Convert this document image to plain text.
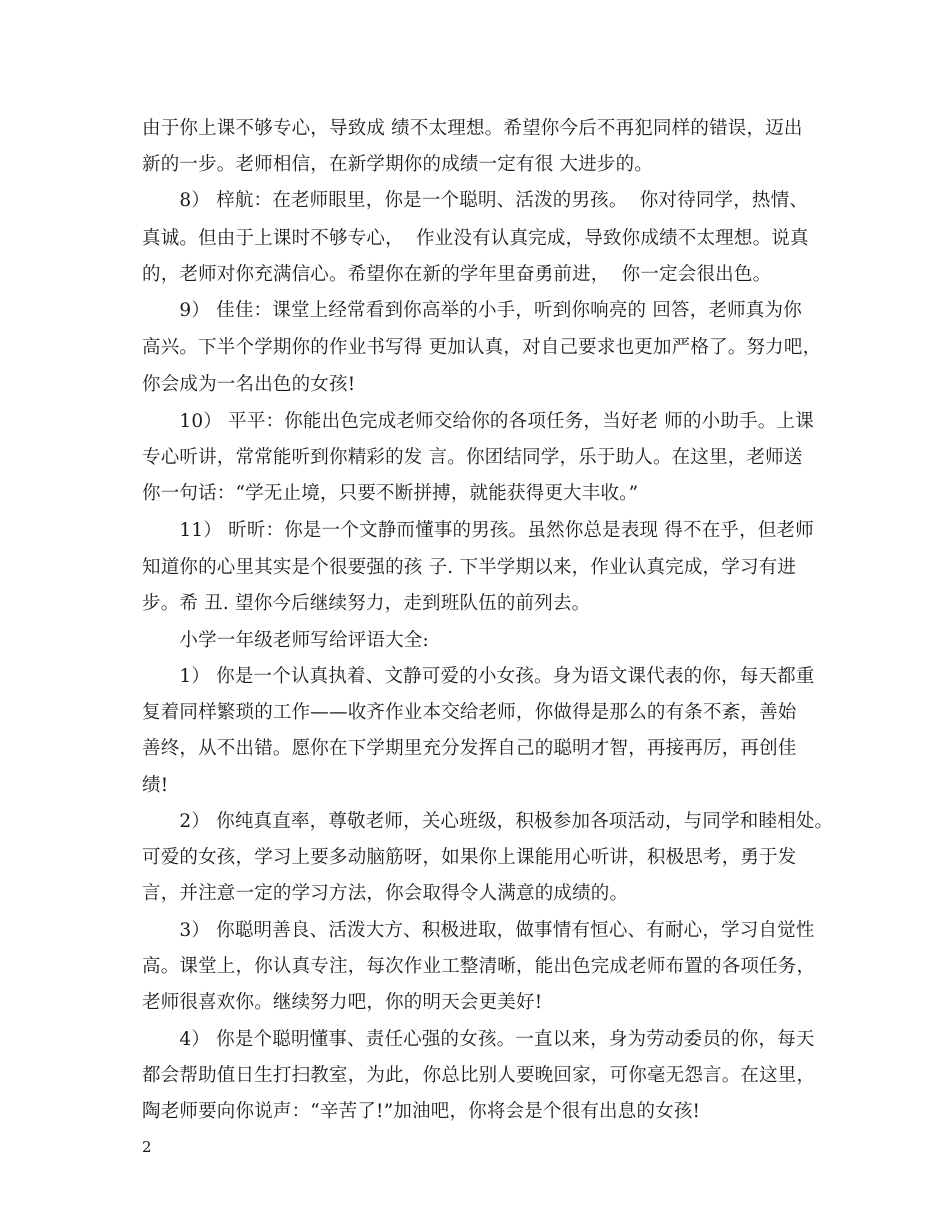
由于你上课不够专心，导致成 绩不太理想。希望你今后不再犯同样的错误，迈出
新的一步。老师相信，在新学期你的成绩一定有很 大进步的。
　　8） 梓航：在老师眼里，你是一个聪明、活泼的男孩。  你对待同学，热情、
真诚。但由于上课时不够专心，  作业没有认真完成，导致你成绩不太理想。说真
的，老师对你充满信心。希望你在新的学年里奋勇前进，  你一定会很出色。
　　9） 佳佳：课堂上经常看到你高举的小手，听到你响亮的 回答，老师真为你
高兴。下半个学期你的作业书写得 更加认真，对自己要求也更加严格了。努力吧，
你会成为一名出色的女孩!
　　10） 平平：你能出色完成老师交给你的各项任务，当好老 师的小助手。上课
专心听讲，常常能听到你精彩的发 言。你团结同学，乐于助人。在这里，老师送
你一句话：“学无止境，只要不断拼搏，就能获得更大丰收。”
　　11） 昕昕：你是一个文静而懂事的男孩。虽然你总是表现 得不在乎，但老师
知道你的心里其实是个很要强的孩 子. 下半学期以来，作业认真完成，学习有进
步。希 丑. 望你今后继续努力，走到班队伍的前列去。
　　小学一年级老师写给评语大全:
　　1） 你是一个认真执着、文静可爱的小女孩。身为语文课代表的你，每天都重
复着同样繁琐的工作——收齐作业本交给老师，你做得是那么的有条不紊，善始
善终，从不出错。愿你在下学期里充分发挥自己的聪明才智，再接再厉，再创佳
绩!
　　2） 你纯真直率，尊敬老师，关心班级，积极参加各项活动，与同学和睦相处。
可爱的女孩，学习上要多动脑筋呀，如果你上课能用心听讲，积极思考，勇于发
言，并注意一定的学习方法，你会取得令人满意的成绩的。
　　3） 你聪明善良、活泼大方、积极进取，做事情有恒心、有耐心，学习自觉性
高。课堂上，你认真专注，每次作业工整清晰，能出色完成老师布置的各项任务，
老师很喜欢你。继续努力吧，你的明天会更美好!
　　4） 你是个聪明懂事、责任心强的女孩。一直以来，身为劳动委员的你，每天
都会帮助值日生打扫教室，为此，你总比别人要晚回家，可你毫无怨言。在这里，
陶老师要向你说声：“辛苦了!”加油吧，你将会是个很有出息的女孩!
2
